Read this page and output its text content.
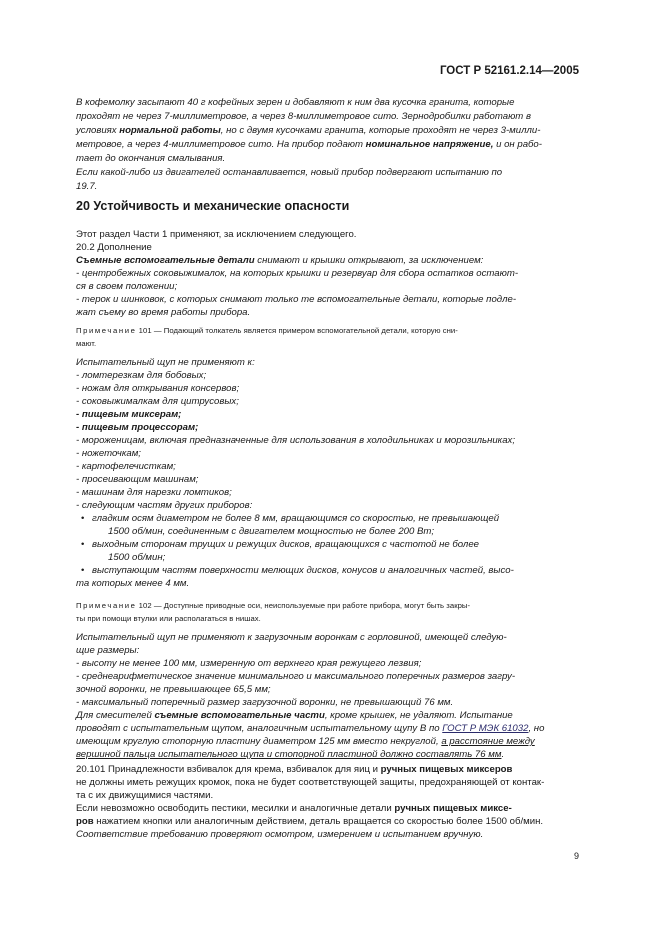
ГОСТ Р 52161.2.14—2005
В кофемолку засыпают 40 г кофейных зерен и добавляют к ним два кусочка гранита, которые
проходят не через 7-миллиметровое, а через 8-миллиметровое сито. Зернодробилки работают в
условиях нормальной работы, но с двумя кусочками гранита, которые проходят не через 3-милли-
метровое, а через 4-миллиметровое сито. На прибор подают номинальное напряжение, и он рабо-
тает до окончания смалывания.
Если какой-либо из двигателей останавливается, новый прибор подвергают испытанию по
19.7.
20 Устойчивость и механические опасности
Этот раздел Части 1 применяют, за исключением следующего.
20.2 Дополнение
Съемные вспомогательные детали снимают и крышки открывают, за исключением:
- центробежных соковыжималок, на которых крышки и резервуар для сбора остатков остают-
ся в своем положении;
- терок и шинковок, с которых снимают только те вспомогательные детали, которые подле-
жат съему во время работы прибора.
Примечание 101 — Подающий толкатель является примером вспомогательной детали, которую сни-
мают.
Испытательный щуп не применяют к:
- ломтерезкам для бобовых;
- ножам для открывания консервов;
- соковыжималкам для цитрусовых;
- пищевым миксерам;
- пищевым процессорам;
- мороженицам, включая предназначенные для использования в холодильниках и морозильниках;
- ножеточкам;
- картофелечисткам;
- просеивающим машинам;
- машинам для нарезки ломтиков;
- следующим частям других приборов:
• гладким осям диаметром не более 8 мм, вращающимся со скоростью, не превышающей
1500 об/мин, соединенным с двигателем мощностью не более 200 Вт;
• выходным сторонам трущих и режущих дисков, вращающихся с частотой не более
1500 об/мин;
• выступающим частям поверхности мелющих дисков, конусов и аналогичных частей, высо-
та которых менее 4 мм.
Примечание 102 — Доступные приводные оси, неиспользуемые при работе прибора, могут быть закры-
ты при помощи втулки или располагаться в нишах.
Испытательный щуп не применяют к загрузочным воронкам с горловиной, имеющей следую-
щие размеры:
- высоту не менее 100 мм, измеренную от верхнего края режущего лезвия;
- среднеарифметическое значение минимального и максимального поперечных размеров загру-
зочной воронки, не превышающее 65,5 мм;
- максимальный поперечный размер загрузочной воронки, не превышающий 76 мм.
Для смесителей съемные вспомогательные части, кроме крышек, не удаляют. Испытание
проводят с испытательным щупом, аналогичным испытательному щупу В по ГОСТ Р МЭК 61032, но
имеющим круглую стопорную пластину диаметром 125 мм вместо некруглой, а расстояние между
вершиной пальца испытательного щупа и стопорной пластиной должно составлять 76 мм.
20.101 Принадлежности взбивалок для крема, взбивалок для яиц и ручных пищевых миксеров
не должны иметь режущих кромок, пока не будет соответствующей защиты, предохраняющей от контак-
та с их движущимися частями.
Если невозможно освободить пестики, месилки и аналогичные детали ручных пищевых миксе-
ров нажатием кнопки или аналогичным действием, деталь вращается со скоростью более 1500 об/мин.
Соответствие требованию проверяют осмотром, измерением и испытанием вручную.
9
